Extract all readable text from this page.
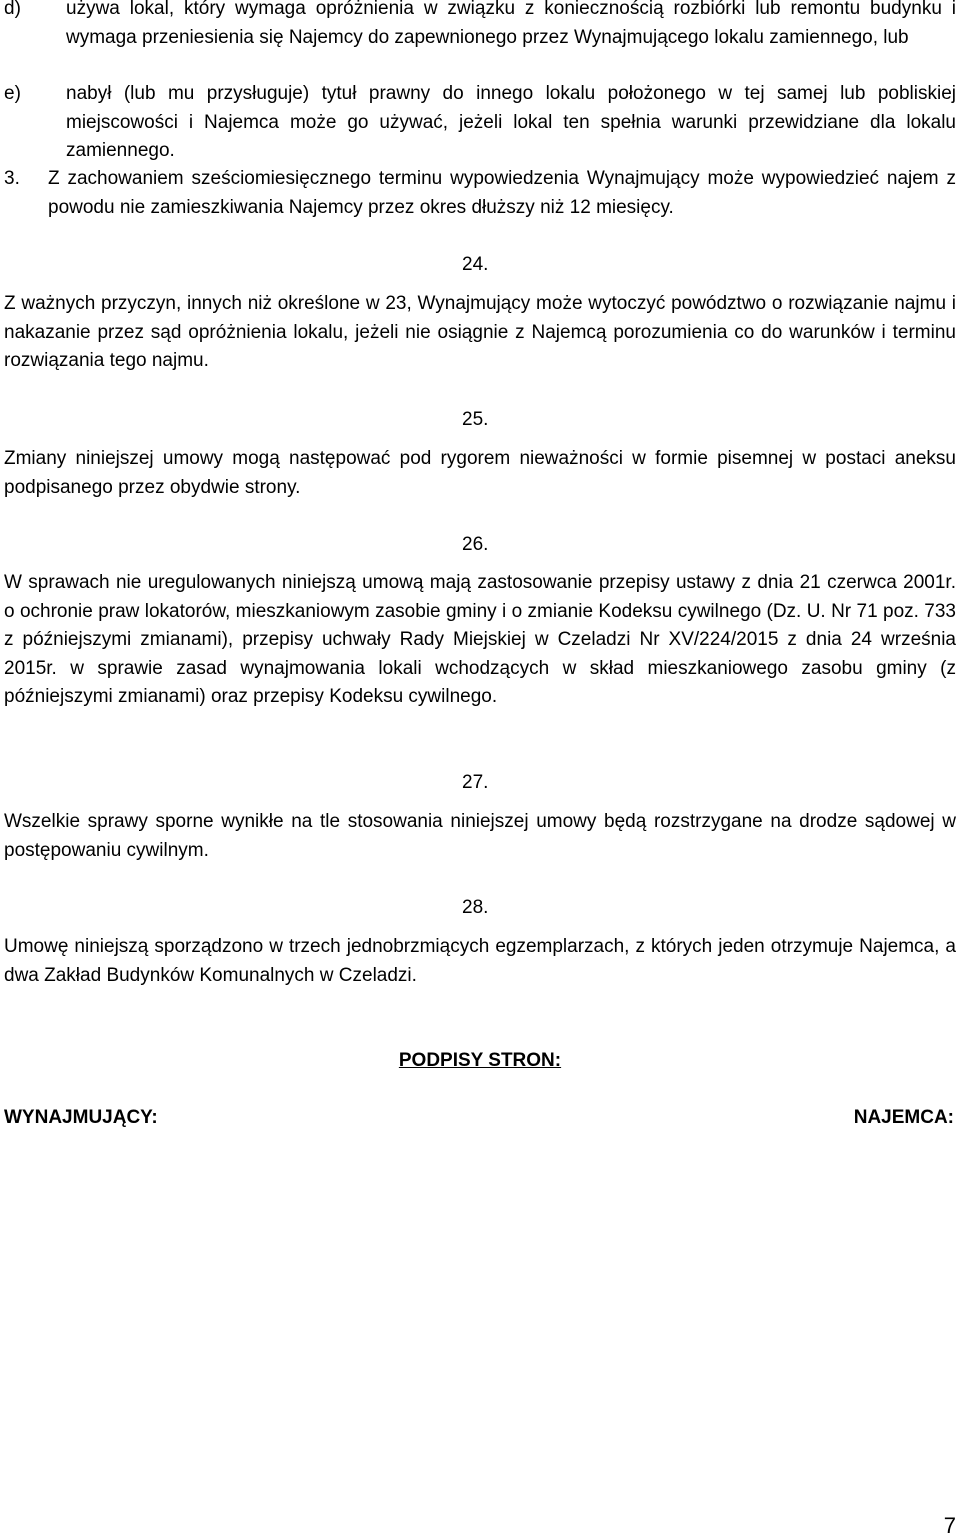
d)	używa lokal, który wymaga opróżnienia w związku z koniecznością rozbiórki lub remontu budynku i wymaga przeniesienia się Najemcy do zapewnionego przez Wynajmującego lokalu zamiennego, lub
e)	nabył (lub mu przysługuje) tytuł prawny do innego lokalu położonego w tej samej lub pobliskiej miejscowości i Najemca może go używać, jeżeli lokal ten spełnia warunki przewidziane dla lokalu zamiennego.
3.	Z zachowaniem sześciomiesięcznego terminu wypowiedzenia Wynajmujący może wypowiedzieć najem z powodu nie zamieszkiwania Najemcy przez okres dłuższy niż 12 miesięcy.
24.
Z ważnych przyczyn, innych niż określone w 23, Wynajmujący może wytoczyć powództwo o rozwiązanie najmu i nakazanie przez sąd opróżnienia lokalu, jeżeli nie osiągnie z Najemcą porozumienia co do warunków i terminu rozwiązania tego najmu.
25.
Zmiany niniejszej umowy mogą następować pod rygorem nieważności w formie pisemnej w postaci aneksu podpisanego przez obydwie strony.
26.
W sprawach nie uregulowanych niniejszą umową mają zastosowanie przepisy ustawy z dnia 21 czerwca 2001r. o ochronie praw lokatorów, mieszkaniowym zasobie gminy i o zmianie Kodeksu cywilnego (Dz. U. Nr 71 poz. 733 z późniejszymi zmianami), przepisy uchwały Rady Miejskiej w Czeladzi Nr XV/224/2015 z dnia 24 września 2015r. w sprawie zasad wynajmowania lokali wchodzących w skład mieszkaniowego zasobu gminy (z późniejszymi zmianami) oraz przepisy Kodeksu cywilnego.
27.
Wszelkie sprawy sporne wynikłe na tle stosowania niniejszej umowy będą rozstrzygane na drodze sądowej w postępowaniu cywilnym.
28.
Umowę niniejszą sporządzono w trzech jednobrzmiących egzemplarzach, z których jeden otrzymuje Najemca, a dwa Zakład Budynków Komunalnych w Czeladzi.
PODPISY STRON:
WYNAJMUJĄCY:	NAJEMCA:
7
